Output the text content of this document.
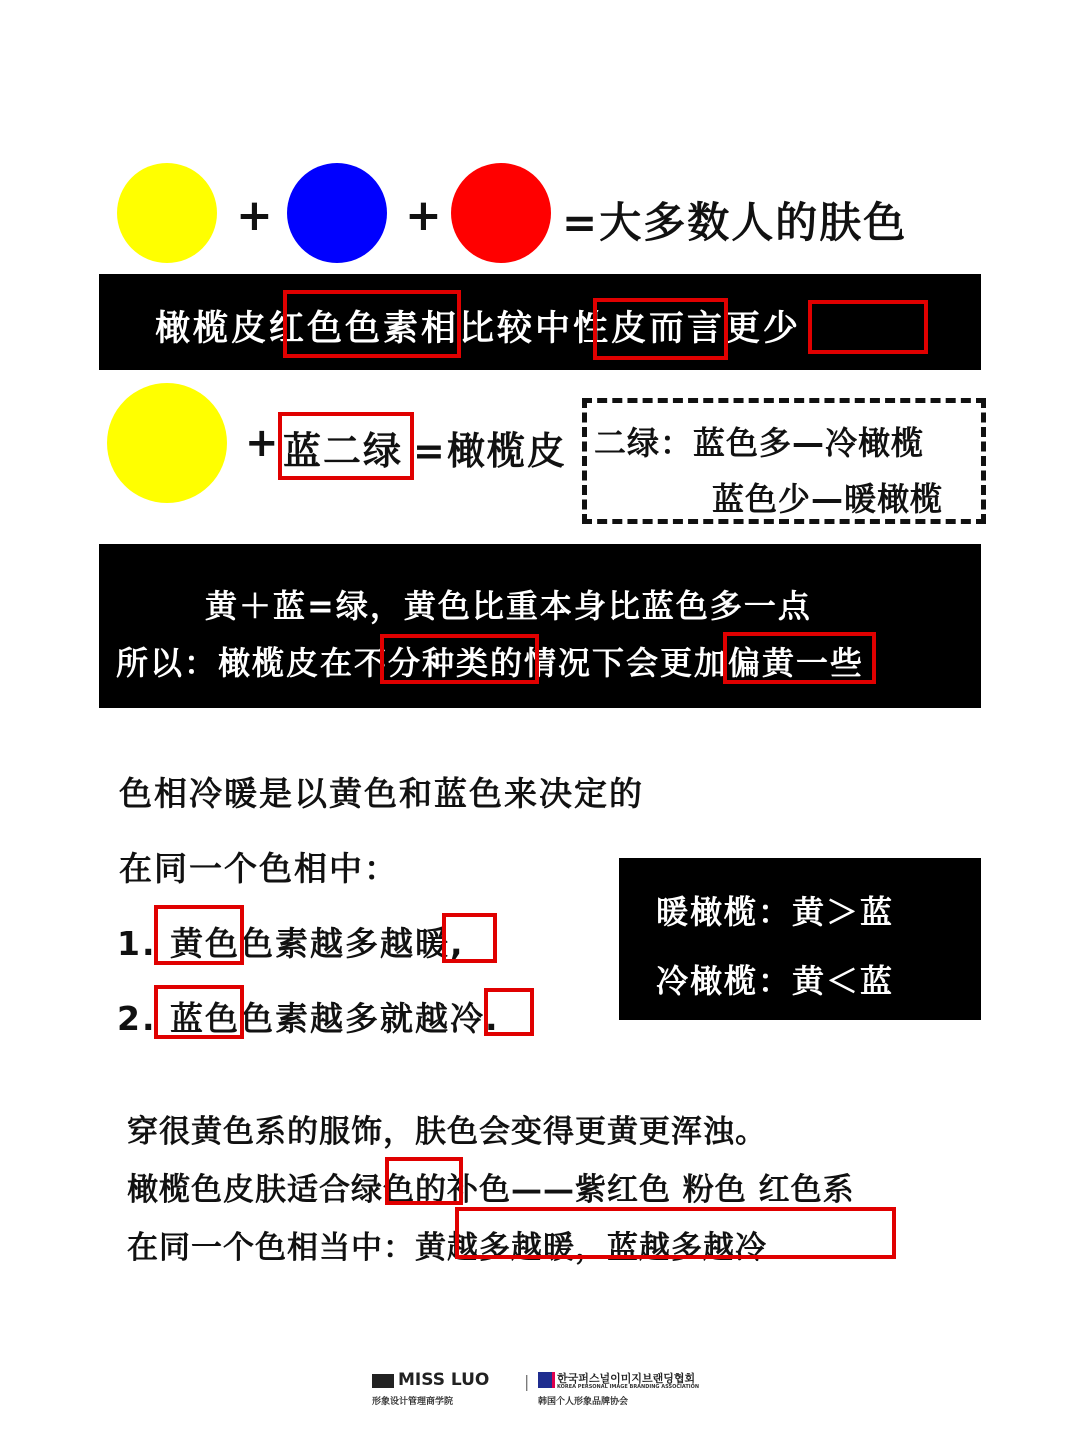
+	+	=大多数人的肤色
橄榄皮红色色素相比较中性皮而言更少
+ 蓝二绿 =橄榄皮 二绿：蓝色多—冷橄榄
蓝色少—暖橄榄
黄＋蓝=绿，黄色比重本身比蓝色多一点
所以：橄榄皮在不分种类的情况下会更加偏黄一些
色相冷暖是以黄色和蓝色来决定的
在同一个色相中：
1. 黄色色素越多越暖,
2. 蓝色色素越多就越冷.
暖橄榄：黄＞蓝
冷橄榄：黄＜蓝
穿很黄色系的服饰，肤色会变得更黄更浑浊。
橄榄色皮肤适合绿色的补色——紫红色 粉色 红色系
在同一个色相当中：黄越多越暖，蓝越多越冷
MISS LUO
形象设计管理商学院
|	한국퍼스널이미지브랜딩협회
KOREA PERSONAL IMAGE BRANDING ASSOCIATION
韩国个人形象品牌协会
